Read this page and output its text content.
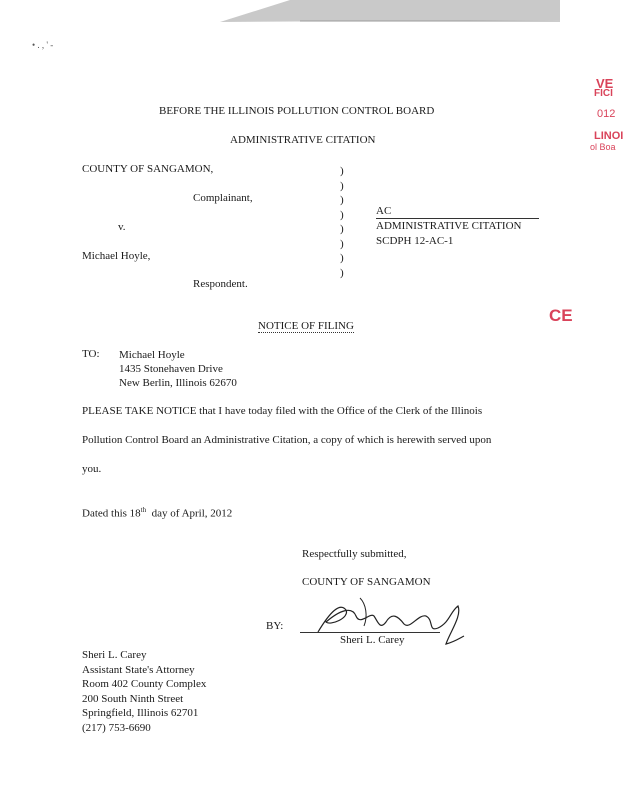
• . , ' -
VE
FICI
012
LINOI
ol Boa
CE
BEFORE THE ILLINOIS POLLUTION CONTROL BOARD
ADMINISTRATIVE CITATION
COUNTY OF SANGAMON,
Complainant,
v.
Michael Hoyle,
Respondent.
)
)
)
)
)
)
)
)
AC
ADMINISTRATIVE CITATION
SCDPH 12-AC-1
NOTICE OF FILING
TO: Michael Hoyle
1435 Stonehaven Drive
New Berlin, Illinois 62670
PLEASE TAKE NOTICE that I have today filed with the Office of the Clerk of the Illinois
Pollution Control Board an Administrative Citation, a copy of which is herewith served upon
you.
Dated this 18th day of April, 2012
Respectfully submitted,
COUNTY OF SANGAMON
BY:
Sheri L. Carey
Sheri L. Carey
Assistant State's Attorney
Room 402 County Complex
200 South Ninth Street
Springfield, Illinois 62701
(217) 753-6690
